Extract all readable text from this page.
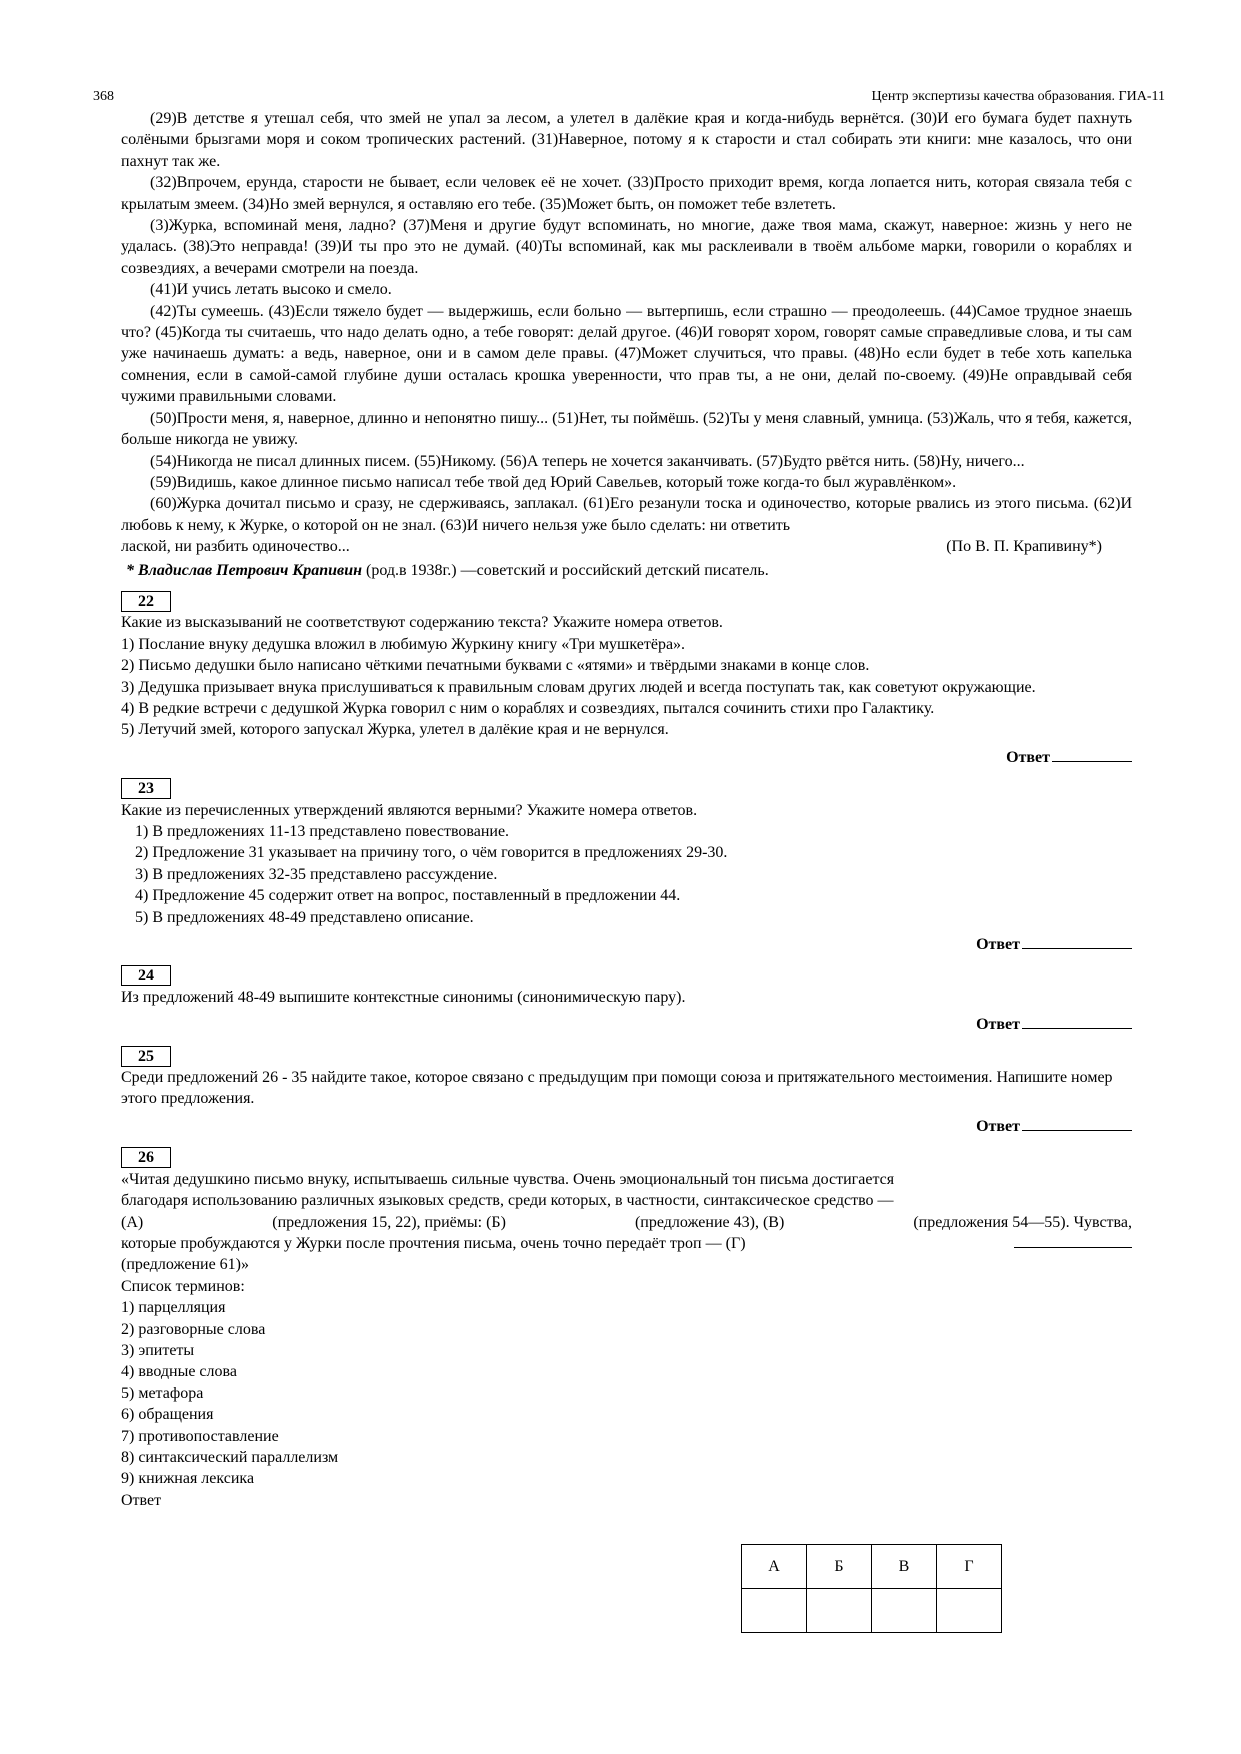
368	Центр экспертизы качества образования. ГИА-11

(29)В детстве я утешал себя, что змей не упал за лесом, а улетел в далёкие края и когда-нибудь вернётся. (30)И его бумага будет пахнуть солёными брызгами моря и соком тропических растений. (31)Наверное, потому я к старости и стал собирать эти книги: мне казалось, что они пахнут так же.

(32)Впрочем, ерунда, старости не бывает, если человек её не хочет. (33)Просто приходит время, когда лопается нить, которая связала тебя с крылатым змеем. (34)Но змей вернулся, я оставляю его тебе. (35)Может быть, он поможет тебе взлететь.

(3)Журка, вспоминай меня, ладно? (37)Меня и другие будут вспоминать, но многие, даже твоя мама, скажут, наверное: жизнь у него не удалась. (38)Это неправда! (39)И ты про это не думай. (40)Ты вспоминай, как мы расклеивали в твоём альбоме марки, говорили о кораблях и созвездиях, а вечерами смотрели на поезда.

(41)И учись летать высоко и смело.

(42)Ты сумеешь. (43)Если тяжело будет — выдержишь, если больно — вытерпишь, если страшно — преодолеешь. (44)Самое трудное знаешь что? (45)Когда ты считаешь, что надо делать одно, а тебе говорят: делай другое. (46)И говорят хором, говорят самые справедливые слова, и ты сам уже начинаешь думать: а ведь, наверное, они и в самом деле правы. (47)Может случиться, что правы. (48)Но если будет в тебе хоть капелька сомнения, если в самой-самой глубине души осталась крошка уверенности, что прав ты, а не они, делай по-своему. (49)Не оправдывай себя чужими правильными словами.

(50)Прости меня, я, наверное, длинно и непонятно пишу... (51)Нет, ты поймёшь. (52)Ты у меня славный, умница. (53)Жаль, что я тебя, кажется, больше никогда не увижу.

(54)Никогда не писал длинных писем. (55)Никому. (56)А теперь не хочется заканчивать. (57)Будто рвётся нить. (58)Ну, ничего...

(59)Видишь, какое длинное письмо написал тебе твой дед Юрий Савельев, который тоже когда-то был журавлёнком».

(60)Журка дочитал письмо и сразу, не сдерживаясь, заплакал. (61)Его резанули тоска и одиночество, которые рвались из этого письма. (62)И любовь к нему, к Журке, о которой он не знал. (63)И ничего нельзя уже было сделать: ни ответить

лаской, ни разбить одиночество...	(По В. П. Крапивину*)
* Владислав Петрович Крапивин (род.в 1938г.) —советский и российский детский писатель.
22

Какие из высказываний не соответствуют содержанию текста? Укажите номера ответов.

1) Послание внуку дедушка вложил в любимую Журкину книгу «Три мушкетёра».

2) Письмо дедушки было написано чёткими печатными буквами с «ятями» и твёрдыми знаками в конце слов.

3) Дедушка призывает внука прислушиваться к правильным словам других людей и всегда поступать так, как советуют окружающие.

4) В редкие встречи с дедушкой Журка говорил с ним о кораблях и созвездиях, пытался сочинить стихи про Галактику.

5) Летучий змей, которого запускал Журка, улетел в далёкие края и не вернулся.

Ответ
23

Какие из перечисленных утверждений являются верными? Укажите номера ответов.

1) В предложениях 11-13 представлено повествование.

2) Предложение 31 указывает на причину того, о чём говорится в предложениях 29-30.

3) В предложениях 32-35 представлено рассуждение.

4) Предложение 45 содержит ответ на вопрос, поставленный в предложении 44.

5) В предложениях 48-49 представлено описание.

Ответ
24

Из предложений 48-49 выпишите контекстные синонимы (синонимическую пару).

Ответ
25

Среди предложений 26 - 35 найдите такое, которое связано с предыдущим при помощи союза и притяжательного местоимения. Напишите номер этого предложения.

Ответ
26

«Читая дедушкино письмо внуку, испытываешь сильные чувства. Очень эмоциональный тон письма достигается

благодаря использованию различных языковых средств, среди которых, в частности, синтаксическое средство —

(А)	(предложения 15, 22), приёмы: (Б)	(предложение 43), (В)	(предложения 54—55). Чувства,
которые пробуждаются у Журки после прочтения письма, очень точно передаёт троп — (Г)

(предложение 61)»

Список терминов:

1) парцелляция

2) разговорные слова

3) эпитеты

4) вводные слова

5) метафора

6) обращения

7) противопоставление

8) синтаксический параллелизм

9) книжная лексика

Ответ

А	Б	В	Г
